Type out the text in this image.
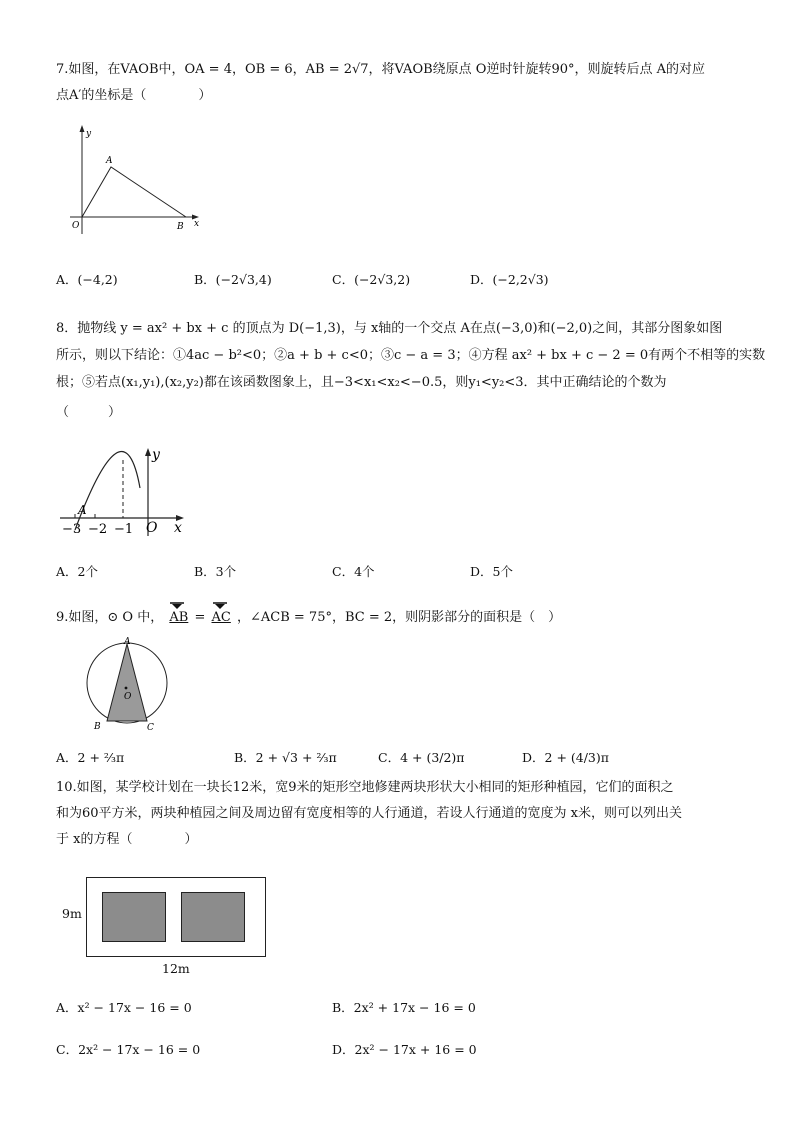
7.如图，在VAOB中，OA = 4，OB = 6，AB = 2√7，将VAOB绕原点 O逆时针旋转90°，则旋转后点 A的对应
点A′的坐标是（　　　　）
y
x
A
O	B
A．(−4,2)	B．(−2√3,4)	C．(−2√3,2)	D．(−2,2√3)
8．抛物线 y = ax² + bx + c 的顶点为 D(−1,3)，与 x轴的一个交点 A在点(−3,0)和(−2,0)之间，其部分图象如图
所示，则以下结论：①4ac − b²<0；②a + b + c<0；③c − a = 3；④方程 ax² + bx + c − 2 = 0有两个不相等的实数
根；⑤若点(x₁,y₁),(x₂,y₂)都在该函数图象上，且−3<x₁<x₂<−0.5，则y₁<y₂<3．其中正确结论的个数为
（　　　）
y
x
A
O
−3 −2 −1
A．2个	B．3个	C．4个	D．5个
9.如图，⊙ O 中， AB = AC ，∠ACB = 75°，BC = 2，则阴影部分的面积是（　）
A
O
B	C
A．2 + ⅔π	B．2 + √3 + ⅔π	C．4 + (3/2)π	D．2 + (4/3)π
10.如图，某学校计划在一块长12米，宽9米的矩形空地修建两块形状大小相同的矩形种植园，它们的面积之
和为60平方米，两块种植园之间及周边留有宽度相等的人行通道，若设人行通道的宽度为 x米，则可以列出关
于 x的方程（　　　　）
9m
12m
A．x² − 17x − 16 = 0	B．2x² + 17x − 16 = 0
C．2x² − 17x − 16 = 0	D．2x² − 17x + 16 = 0
